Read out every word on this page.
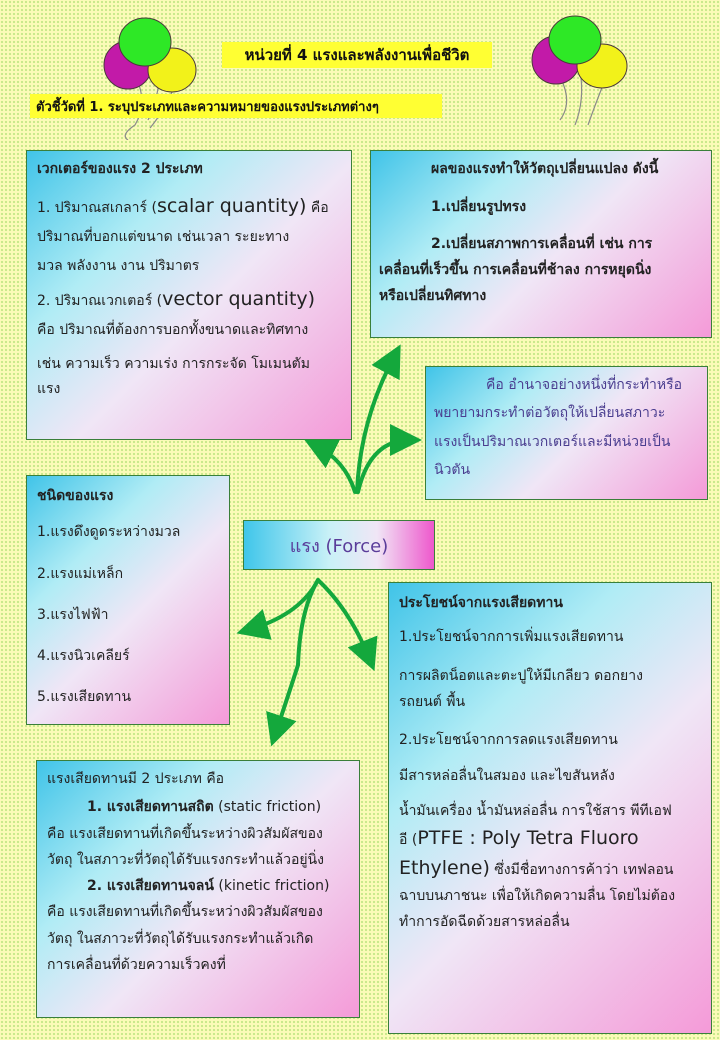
หน่วยที่ 4 แรงและพลังงานเพื่อชีวิต
ตัวชี้วัดที่ 1. ระบุประเภทและความหมายของแรงประเภทต่างๆ

เวกเตอร์ของแรง 2 ประเภท

1. ปริมาณสเกลาร์ (scalar quantity) คือ

ปริมาณที่บอกแต่ขนาด เช่นเวลา ระยะทาง

มวล พลังงาน งาน ปริมาตร

2. ปริมาณเวกเตอร์ (vector quantity)

คือ ปริมาณที่ต้องการบอกทั้งขนาดและทิศทาง

เช่น ความเร็ว ความเร่ง การกระจัด โมเมนตัม

แรง

ผลของแรงทำให้วัตถุเปลี่ยนแปลง ดังนี้

1.เปลี่ยนรูปทรง

2.เปลี่ยนสภาพการเคลื่อนที่ เช่น การ

เคลื่อนที่เร็วขึ้น การเคลื่อนที่ช้าลง การหยุดนิ่ง

หรือเปลี่ยนทิศทาง

คือ อำนาจอย่างหนึ่งที่กระทำหรือ

พยายามกระทำต่อวัตถุให้เปลี่ยนสภาวะ

แรงเป็นปริมาณเวกเตอร์และมีหน่วยเป็น

นิวตัน

ชนิดของแรง

1.แรงดึงดูดระหว่างมวล

2.แรงแม่เหล็ก

3.แรงไฟฟ้า

4.แรงนิวเคลียร์

5.แรงเสียดทาน

แรง (Force)

แรงเสียดทานมี 2 ประเภท คือ

1. แรงเสียดทานสถิต (static friction)

คือ แรงเสียดทานที่เกิดขึ้นระหว่างผิวสัมผัสของ

วัตถุ ในสภาวะที่วัตถุได้รับแรงกระทำแล้วอยู่นิ่ง

2. แรงเสียดทานจลน์ (kinetic friction)

คือ แรงเสียดทานที่เกิดขึ้นระหว่างผิวสัมผัสของ

วัตถุ ในสภาวะที่วัตถุได้รับแรงกระทำแล้วเกิด

การเคลื่อนที่ด้วยความเร็วคงที่

ประโยชน์จากแรงเสียดทาน

1.ประโยชน์จากการเพิ่มแรงเสียดทาน

การผลิตน็อตและตะปูให้มีเกลียว ดอกยาง

รถยนต์ พื้น

2.ประโยชน์จากการลดแรงเสียดทาน

มีสารหล่อลื่นในสมอง และไขสันหลัง

น้ำมันเครื่อง น้ำมันหล่อลื่น การใช้สาร พีทีเอฟ

อี (PTFE : Poly Tetra Fluoro

Ethylene) ซึ่งมีชื่อทางการค้าว่า เทฟลอน

ฉาบบนภาชนะ เพื่อให้เกิดความลื่น โดยไม่ต้อง

ทำการอัดฉีดด้วยสารหล่อลื่น
